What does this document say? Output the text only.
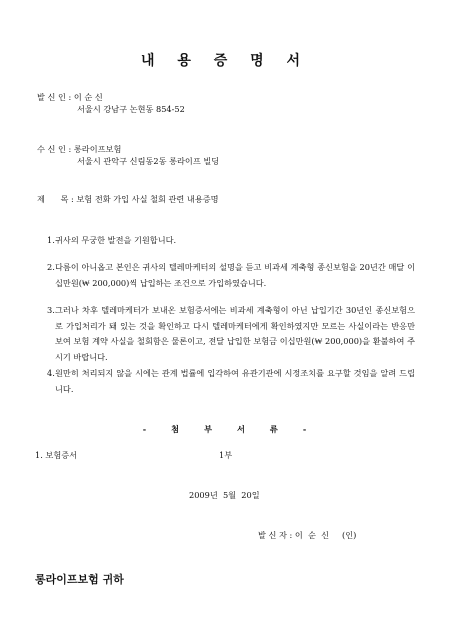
내 용 증 명 서
발 신 인 : 이 순 신
서울시 강남구 논현동 854-52
수 신 인 : 롱라이프보험
서울시 관악구 신림동2동 롱라이프 빌딩
제      목 : 보험 전화 가입 사실 철회 관련 내용증명
1. 귀사의 무궁한 발전을 기원합니다.
2. 다름이 아니옵고 본인은 귀사의 텔레마케터의 설명을 듣고 비과세 계축형 종신보험을 20년간 매달 이십만원(₩ 200,000)씩 납입하는 조건으로 가입하였습니다.
3. 그러나 차후 텔레마케터가 보내온 보험증서에는 비과세 계축형이 아닌 납입기간 30년인 종신보험으로 가입처리가 돼 있는 것을 확인하고 다시 텔레마케터에게 확인하였지만 모르는 사실이라는 반응만 보여 보험 계약 사실을 철회함은 물론이고, 전달 납입한 보험금 이십만원(₩ 200,000)을 환불하여 주시기 바랍니다.
4. 원만히 처리되지 않을 시에는 관계 법률에 입각하여 유관기관에 시정조치를 요구할 것임을 알려 드립니다.
-	첨	부	서	류	-
1. 보험증서	1부
2009년  5월  20일
발 신 자 : 이  순  신     (인)
롱라이프보험 귀하
